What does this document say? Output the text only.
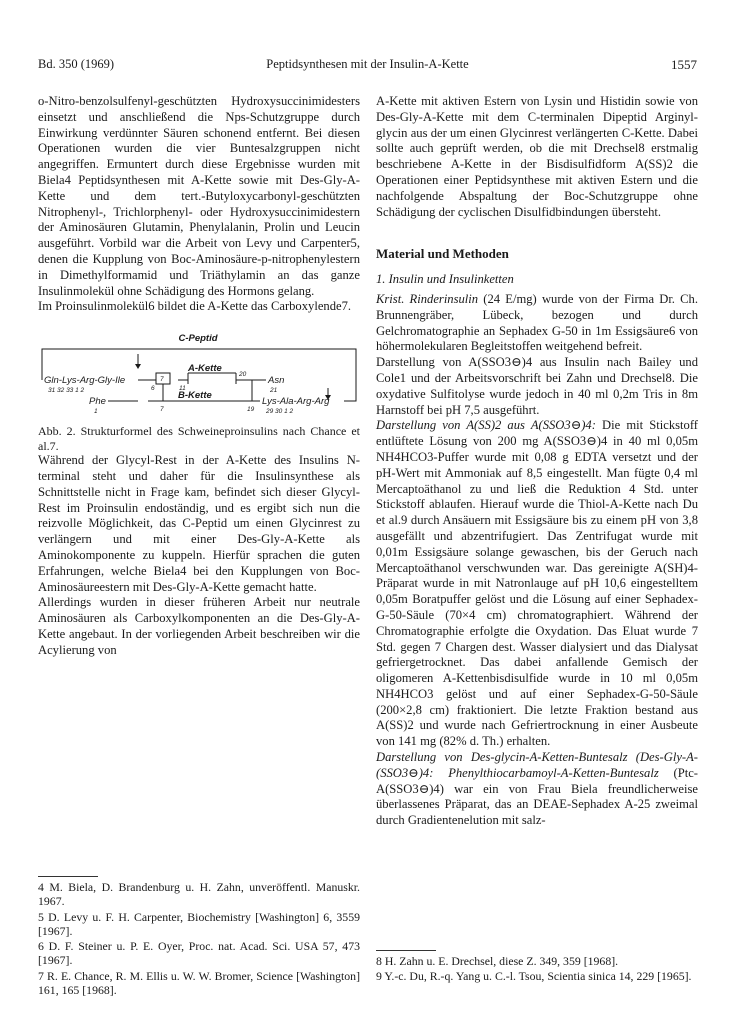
Bd. 350 (1969)	Peptidsynthesen mit der Insulin-A-Kette	1557

o-Nitro-benzolsulfenyl-geschützten Hydroxysuccinimidesters einsetzt und anschließend die Nps-Schutzgruppe durch Einwirkung verdünnter Säuren schonend entfernt. Bei diesen Operationen wurden die vier Buntesalzgruppen nicht angegriffen. Ermuntert durch diese Ergebnisse wurden mit Biela4 Peptidsynthesen mit A-Kette sowie mit Des-Gly-A-Kette und dem tert.-Butyloxycarbonyl-geschützten Nitrophenyl-, Trichlorphenyl- oder Hydroxysuccinimidestern der Aminosäuren Glutamin, Phenylalanin, Prolin und Leucin ausgeführt. Vorbild war die Arbeit von Levy und Carpenter5, denen die Kupplung von Boc-Aminosäure-p-nitrophenylestern in Dimethylformamid und Triäthylamin an das ganze Insulinmolekül ohne Schädigung des Hormons gelang.

Im Proinsulinmolekül6 bildet die A-Kette das Carboxylende7.

C-Peptid
Gln-Lys-Arg-Gly-Ile
31 32 33 1 2
7
A-Kette
20
Asn
21
6	11
B-Kette
Phe
1	7	19
Lys-Ala-Arg-Arg
29 30 1 2

Abb. 2. Strukturformel des Schweineproinsulins nach Chance et al.7.

Während der Glycyl-Rest in der A-Kette des Insulins N-terminal steht und daher für die Insulinsynthese als Schnittstelle nicht in Frage kam, befindet sich dieser Glycyl-Rest im Proinsulin endoständig, und es ergibt sich nun die reizvolle Möglichkeit, das C-Peptid um einen Glycinrest zu verlängern und mit einer Des-Gly-A-Kette als Aminokomponente zu kuppeln. Hierfür sprachen die guten Erfahrungen, welche Biela4 bei den Kupplungen von Boc-Aminosäureestern mit Des-Gly-A-Kette gemacht hatte.

Allerdings wurden in dieser früheren Arbeit nur neutrale Aminosäuren als Carboxylkomponenten an die Des-Gly-A-Kette angebaut. In der vorliegenden Arbeit beschreiben wir die Acylierung von

A-Kette mit aktiven Estern von Lysin und Histidin sowie von Des-Gly-A-Kette mit dem C-terminalen Dipeptid Arginyl-glycin aus der um einen Glycinrest verlängerten C-Kette. Dabei sollte auch geprüft werden, ob die mit Drechsel8 erstmalig beschriebene A-Kette in der Bisdisulfidform A(SS)2 die Operationen einer Peptidsynthese mit aktiven Estern und die nachfolgende Abspaltung der Boc-Schutzgruppe ohne Schädigung der cyclischen Disulfidbindungen übersteht.

Material und Methoden
1. Insulin und Insulinketten

Krist. Rinderinsulin (24 E/mg) wurde von der Firma Dr. Ch. Brunnengräber, Lübeck, bezogen und durch Gelchromatographie an Sephadex G-50 in 1m Essigsäure6 von höhermolekularen Begleitstoffen weitgehend befreit.

Darstellung von A(SSO3⊖)4 aus Insulin nach Bailey und Cole1 und der Arbeitsvorschrift bei Zahn und Drechsel8. Die oxydative Sulfitolyse wurde jedoch in 40 ml 0,2m Tris in 8m Harnstoff bei pH 7,5 ausgeführt.

Darstellung von A(SS)2 aus A(SSO3⊖)4: Die mit Stickstoff entlüftete Lösung von 200 mg A(SSO3⊖)4 in 40 ml 0,05m NH4HCO3-Puffer wurde mit 0,08 g EDTA versetzt und der pH-Wert mit Ammoniak auf 8,5 eingestellt. Man fügte 0,4 ml Mercaptoäthanol zu und ließ die Reduktion 4 Std. unter Stickstoff ablaufen. Hierauf wurde die Thiol-A-Kette nach Du et al.9 durch Ansäuern mit Essigsäure bis zu einem pH von 3,8 ausgefällt und abzentrifugiert. Das Zentrifugat wurde mit 0,01m Essigsäure solange gewaschen, bis der Geruch nach Mercaptoäthanol verschwunden war. Das gereinigte A(SH)4-Präparat wurde in mit Natronlauge auf pH 10,6 eingestelltem 0,05m Boratpuffer gelöst und die Lösung auf einer Sephadex-G-50-Säule (70×4 cm) chromatographiert. Während der Chromatographie erfolgte die Oxydation. Das Eluat wurde 7 Std. gegen 7 Chargen dest. Wasser dialysiert und das Dialysat gefriergetrocknet. Das dabei anfallende Gemisch der oligomeren A-Kettenbisdisulfide wurde in 10 ml 0,05m NH4HCO3 gelöst und auf einer Sephadex-G-50-Säule (200×2,8 cm) fraktioniert. Die letzte Fraktion bestand aus A(SS)2 und wurde nach Gefriertrocknung in einer Ausbeute von 141 mg (82% d. Th.) erhalten.

Darstellung von Des-glycin-A-Ketten-Buntesalz (Des-Gly-A-(SSO3⊖)4: Phenylthiocarbamoyl-A-Ketten-Buntesalz (Ptc-A(SSO3⊖)4) war ein von Frau Biela freundlicherweise überlassenes Präparat, das an DEAE-Sephadex A-25 zweimal durch Gradientenelution mit salz-

4 M. Biela, D. Brandenburg u. H. Zahn, unveröffentl. Manuskr. 1967.
5 D. Levy u. F. H. Carpenter, Biochemistry [Washington] 6, 3559 [1967].
6 D. F. Steiner u. P. E. Oyer, Proc. nat. Acad. Sci. USA 57, 473 [1967].
7 R. E. Chance, R. M. Ellis u. W. W. Bromer, Science [Washington] 161, 165 [1968].
8 H. Zahn u. E. Drechsel, diese Z. 349, 359 [1968].
9 Y.-c. Du, R.-q. Yang u. C.-l. Tsou, Scientia sinica 14, 229 [1965].
